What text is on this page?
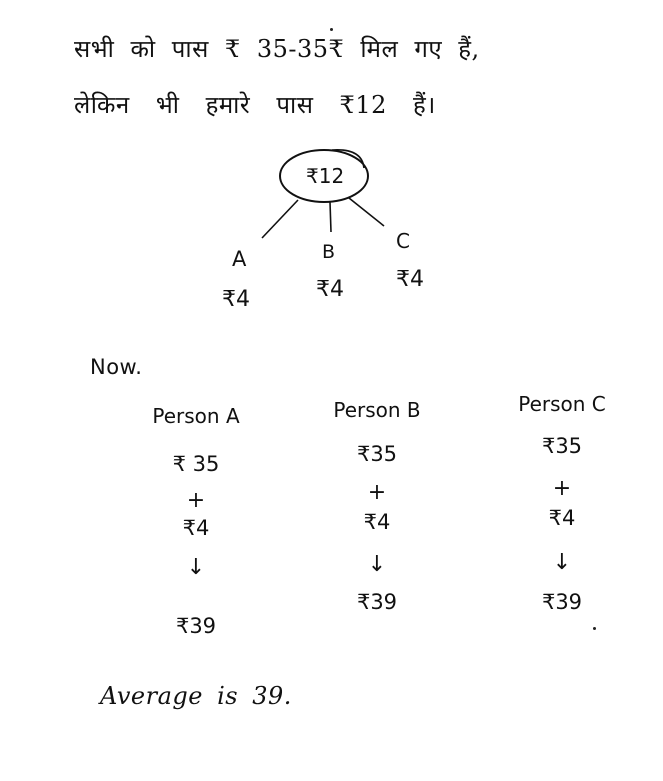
सभी को पास ₹ 35-35₹ मिल गए हैं,
लेकिन भी हमारे पास ₹12 हैं।
₹12
A	B	C
₹4	₹4 ₹4
Now.
Person A
₹ 35
+
₹4
↓
₹39
Person B
₹35
+
₹4
↓
₹39
Person C
₹35
+
₹4
↓
₹39
Average is 39.
